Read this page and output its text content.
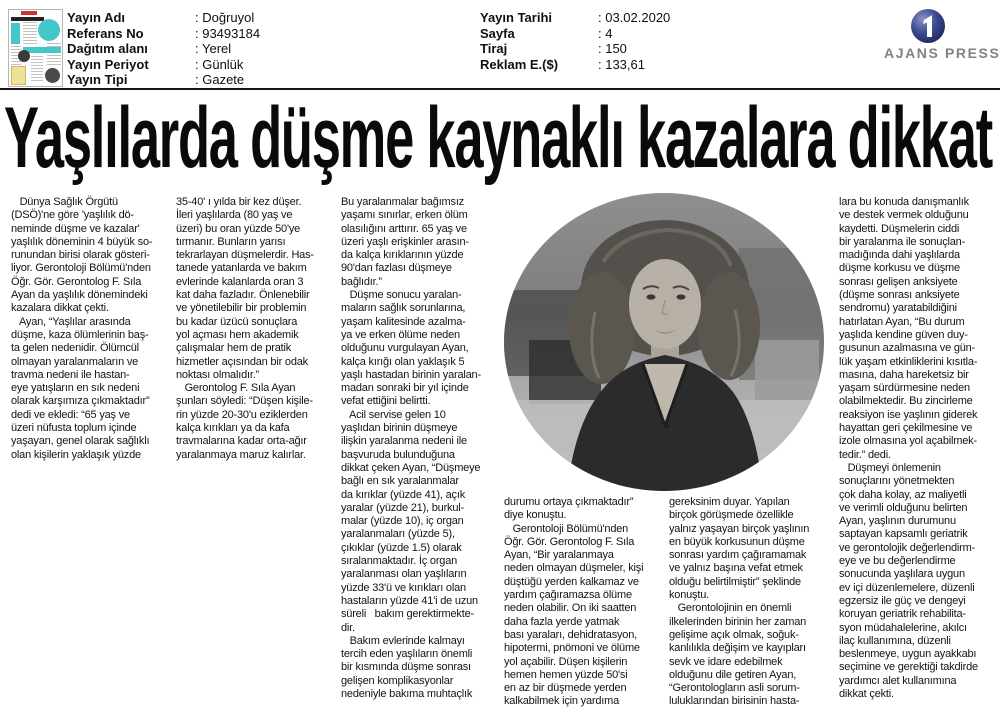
Yayın Adı	: Doğruyol
Referans No	: 93493184
Dağıtım alanı	: Yerel
Yayın Periyot	: Günlük
Yayın Tipi	: Gazete
Yayın Tarihi	: 03.02.2020
Sayfa	: 4
Tiraj	: 150
Reklam E.($)	: 133,61
AJANS PRESS
Yaşlılarda düşme kaynaklı kazalara dikkat
Dünya Sağlık Örgütü
(DSÖ)'ne göre 'yaşlılık dö-
neminde düşme ve kazalar'
yaşlılık döneminin 4 büyük so-
runundan birisi olarak gösteri-
liyor. Gerontoloji Bölümü'nden
Öğr. Gör. Gerontolog F. Sıla
Ayan da yaşlılık dönemindeki
kazalara dikkat çekti.
Ayan, “Yaşlılar arasında
düşme, kaza ölümlerinin baş-
ta gelen nedenidir. Ölümcül
olmayan yaralanmaların ve
travma nedeni ile hastan-
eye yatışların en sık nedeni
olarak karşımıza çıkmaktadır”
dedi ve ekledi: “65 yaş ve
üzeri nüfusta toplum içinde
yaşayan, genel olarak sağlıklı
olan kişilerin yaklaşık yüzde
35-40' ı yılda bir kez düşer.
İleri yaşlılarda (80 yaş ve
üzeri) bu oran yüzde 50'ye
tırmanır. Bunların yarısı
tekrarlayan düşmelerdir. Has-
tanede yatanlarda ve bakım
evlerinde kalanlarda oran 3
kat daha fazladır. Önlenebilir
ve yönetilebilir bir problemin
bu kadar üzücü sonuçlara
yol açması hem akademik
çalışmalar hem de pratik
hizmetler açısından bir odak
noktası olmalıdır.”
Gerontolog F. Sıla Ayan
şunları söyledi: “Düşen kişile-
rin yüzde 20-30'u eziklerden
kalça kırıkları ya da kafa
travmalarına kadar orta-ağır
yaralanmaya maruz kalırlar.
Bu yaralanmalar bağımsız
yaşamı sınırlar, erken ölüm
olasılığını arttırır. 65 yaş ve
üzeri yaşlı erişkinler arasın-
da kalça kırıklarının yüzde
90'dan fazlası düşmeye
bağlıdır.”
Düşme sonucu yaralan-
maların sağlık sorunlarına,
yaşam kalitesinde azalma-
ya ve erken ölüme neden
olduğunu vurgulayan Ayan,
kalça kırığı olan yaklaşık 5
yaşlı hastadan birinin yaralan-
madan sonraki bir yıl içinde
vefat ettiğini belirtti.
Acil servise gelen 10
yaşlıdan birinin düşmeye
ilişkin yaralanma nedeni ile
başvuruda bulunduğuna
dikkat çeken Ayan, “Düşmeye
bağlı en sık yaralanmalar
da kırıklar (yüzde 41), açık
yaralar (yüzde 21), burkul-
malar (yüzde 10), iç organ
yaralanmaları (yüzde 5),
çıkıklar (yüzde 1.5) olarak
sıralanmaktadır. İç organ
yaralanması olan yaşlıların
yüzde 33'ü ve kırıkları olan
hastaların yüzde 41'i de uzun
süreli   bakım gerektirmekte-
dir.
Bakım evlerinde kalmayı
tercih eden yaşlıların önemli
bir kısmında düşme sonrası
gelişen komplikasyonlar
nedeniyle bakıma muhtaçlık
durumu ortaya çıkmaktadır”
diye konuştu.
Gerontoloji Bölümü'nden
Öğr. Gör. Gerontolog F. Sıla
Ayan, “Bir yaralanmaya
neden olmayan düşmeler, kişi
düştüğü yerden kalkamaz ve
yardım çağıramazsa ölüme
neden olabilir. On iki saatten
daha fazla yerde yatmak
bası yaraları, dehidratasyon,
hipotermi, pnömoni ve ölüme
yol açabilir. Düşen kişilerin
hemen hemen yüzde 50'si
en az bir düşmede yerden
kalkabilmek için yardıma
gereksinim duyar. Yapılan
birçok görüşmede özellikle
yalnız yaşayan birçok yaşlının
en büyük korkusunun düşme
sonrası yardım çağıramamak
ve yalnız başına vefat etmek
olduğu belirtilmiştir” şeklinde
konuştu.
Gerontolojinin en önemli
ilkelerinden birinin her zaman
gelişime açık olmak, soğuk-
kanlılıkla değişim ve kayıpları
sevk ve idare edebilmek
olduğunu dile getiren Ayan,
“Gerontologların asli sorum-
luluklarından birisinin hasta-
lara bu konuda danışmanlık
ve destek vermek olduğunu
kaydetti. Düşmelerin ciddi
bir yaralanma ile sonuçlan-
madığında dahi yaşlılarda
düşme korkusu ve düşme
sonrası gelişen anksiyete
(düşme sonrası anksiyete
sendromu) yaratabildiğini
hatırlatan Ayan, “Bu durum
yaşlıda kendine güven duy-
gusunun azalmasına ve gün-
lük yaşam etkinliklerini kısıtla-
masına, daha hareketsiz bir
yaşam sürdürmesine neden
olabilmektedir. Bu zincirleme
reaksiyon ise yaşlının giderek
hayattan geri çekilmesine ve
izole olmasına yol açabilmek-
tedir.” dedi.
Düşmeyi önlemenin
sonuçlarını yönetmekten
çok daha kolay, az maliyetli
ve verimli olduğunu belirten
Ayan, yaşlının durumunu
saptayan kapsamlı geriatrik
ve gerontolojik değerlendirm-
eye ve bu değerlendirme
sonucunda yaşlılara uygun
ev içi düzenlemelere, düzenli
egzersiz ile güç ve dengeyi
koruyan geriatrik rehabilita-
syon müdahalelerine, akılcı
ilaç kullanımına, düzenli
beslenmeye, uygun ayakkabı
seçimine ve gerektiği takdirde
yardımcı alet kullanımına
dikkat çekti.
